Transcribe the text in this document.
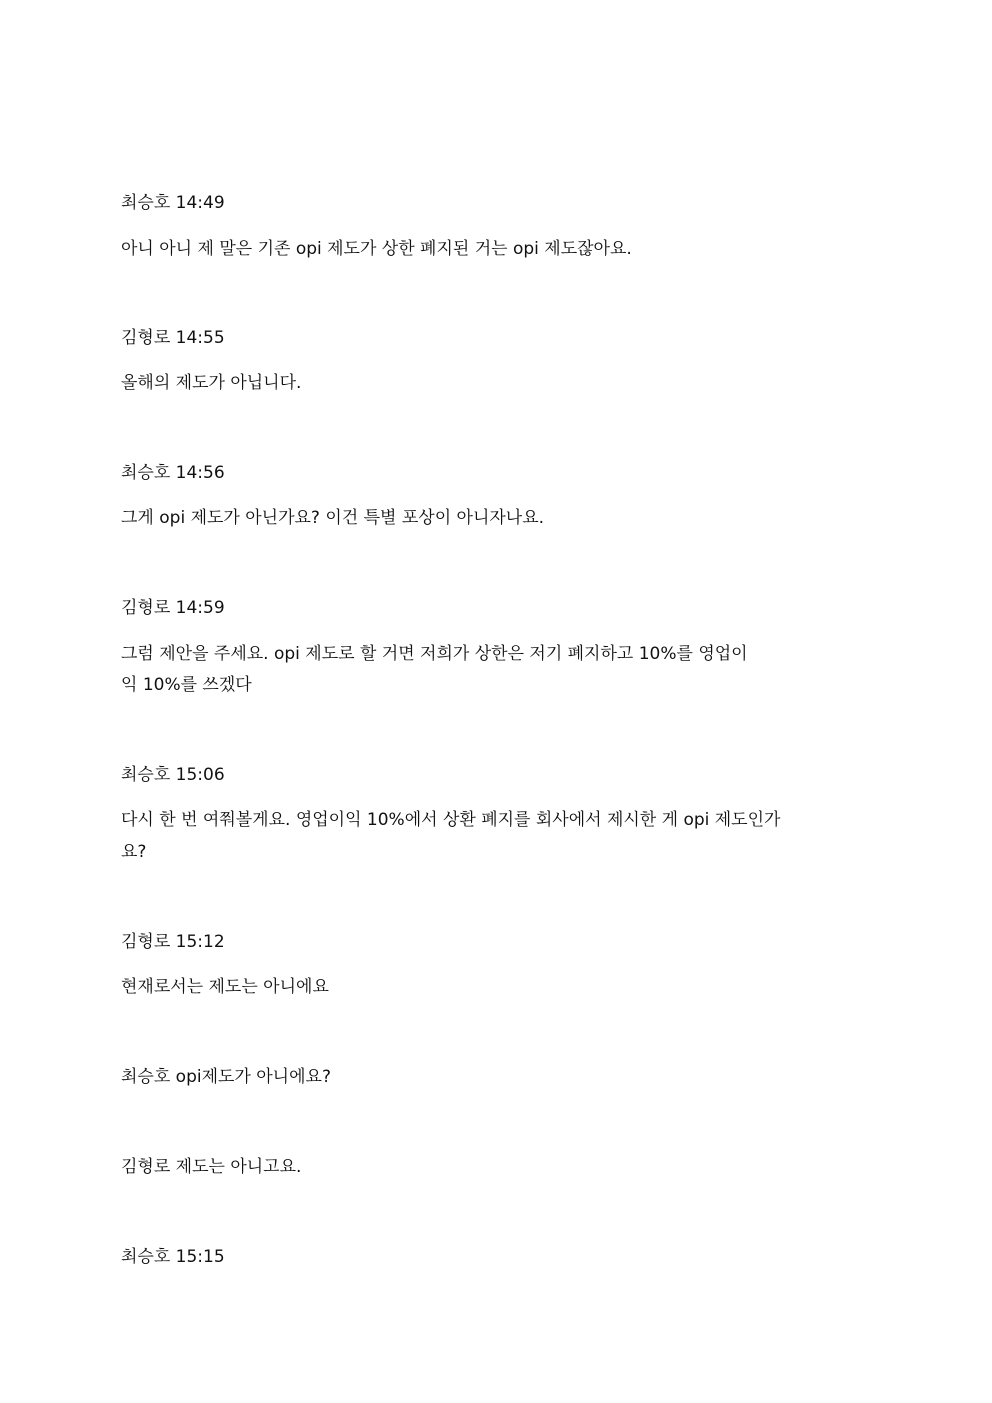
최승호 14:49
아니 아니 제 말은 기존 opi 제도가 상한 폐지된 거는 opi 제도잖아요.
김형로 14:55
올해의 제도가 아닙니다.
최승호 14:56
그게 opi 제도가 아닌가요? 이건 특별 포상이 아니자나요.
김형로 14:59
그럼 제안을 주세요. opi 제도로 할 거면 저희가 상한은 저기 폐지하고 10%를 영업이
익 10%를 쓰겠다
최승호 15:06
다시 한 번 여쭤볼게요. 영업이익 10%에서 상환 폐지를 회사에서 제시한 게 opi 제도인가
요?
김형로 15:12
현재로서는 제도는 아니에요
최승호 opi제도가 아니에요?
김형로 제도는 아니고요.
최승호 15:15
